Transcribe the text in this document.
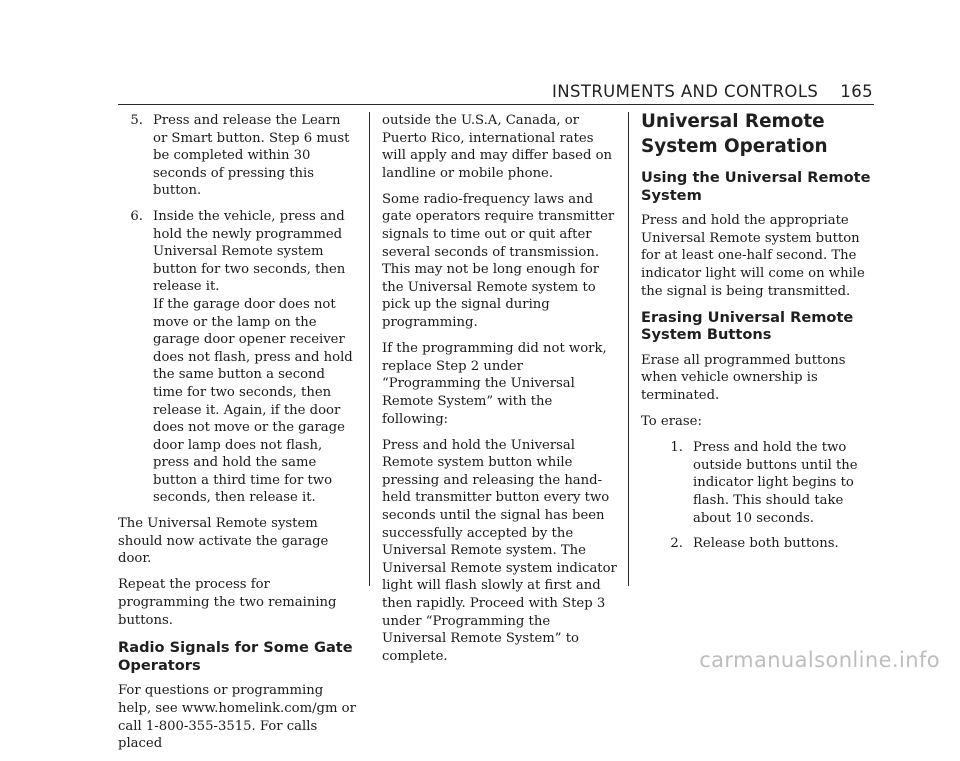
INSTRUMENTS AND CONTROLS 165
5. Press and release the Learn or Smart button. Step 6 must be completed within 30 seconds of pressing this button.
6. Inside the vehicle, press and hold the newly programmed Universal Remote system button for two seconds, then release it.
If the garage door does not move or the lamp on the garage door opener receiver does not flash, press and hold the same button a second time for two seconds, then release it. Again, if the door does not move or the garage door lamp does not flash, press and hold the same button a third time for two seconds, then release it.

The Universal Remote system should now activate the garage door.

Repeat the process for programming the two remaining buttons.

Radio Signals for Some Gate Operators

For questions or programming help, see www.homelink.com/gm or call 1-800-355-3515. For calls placed

outside the U.S.A, Canada, or Puerto Rico, international rates will apply and may differ based on landline or mobile phone.

Some radio-frequency laws and gate operators require transmitter signals to time out or quit after several seconds of transmission. This may not be long enough for the Universal Remote system to pick up the signal during programming.

If the programming did not work, replace Step 2 under “Programming the Universal Remote System” with the following:

Press and hold the Universal Remote system button while pressing and releasing the hand-held transmitter button every two seconds until the signal has been successfully accepted by the Universal Remote system. The Universal Remote system indicator light will flash slowly at first and then rapidly. Proceed with Step 3 under “Programming the Universal Remote System” to complete.

Universal Remote System Operation
Using the Universal Remote System

Press and hold the appropriate Universal Remote system button for at least one-half second. The indicator light will come on while the signal is being transmitted.

Erasing Universal Remote System Buttons

Erase all programmed buttons when vehicle ownership is terminated.

To erase:

1. Press and hold the two outside buttons until the indicator light begins to flash. This should take about 10 seconds.
2. Release both buttons.
carmanualsonline.info
